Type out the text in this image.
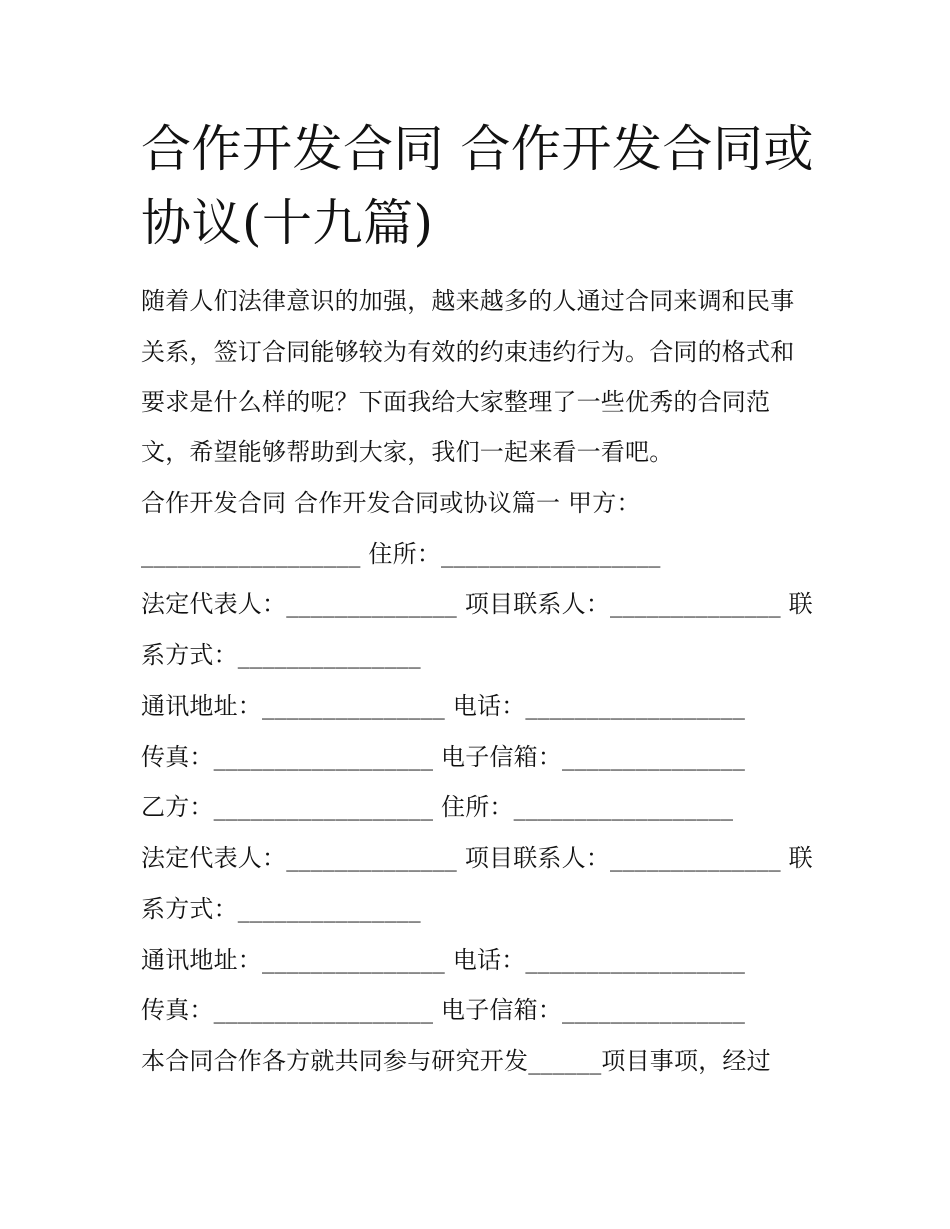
合作开发合同 合作开发合同或
协议(十九篇)

随着人们法律意识的加强，越来越多的人通过合同来调和民事

关系，签订合同能够较为有效的约束违约行为。合同的格式和

要求是什么样的呢？下面我给大家整理了一些优秀的合同范

文，希望能够帮助到大家，我们一起来看一看吧。

合作开发合同 合作开发合同或协议篇一 甲方：

__________________ 住所：__________________

法定代表人：______________ 项目联系人：______________ 联

系方式：_______________

通讯地址：_______________ 电话：__________________

传真：__________________ 电子信箱：_______________

乙方：__________________ 住所：__________________

法定代表人：______________ 项目联系人：______________ 联

系方式：_______________

通讯地址：_______________ 电话：__________________

传真：__________________ 电子信箱：_______________

本合同合作各方就共同参与研究开发______项目事项，经过
